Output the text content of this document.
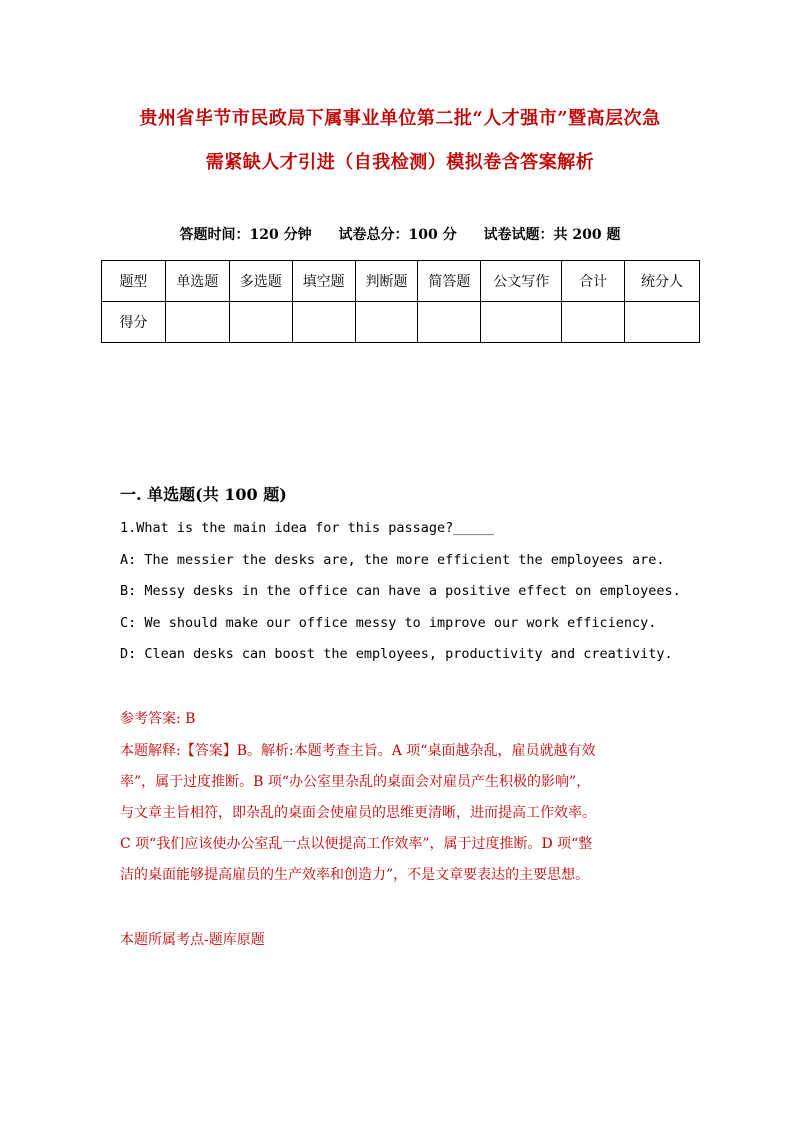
贵州省毕节市民政局下属事业单位第二批“人才强市”暨高层次急
需紧缺人才引进（自我检测）模拟卷含答案解析
答题时间：120 分钟 试卷总分：100 分 试卷试题：共 200 题
题型	单选题	多选题	填空题	判断题	简答题	公文写作	合计	统分人
得分								
一. 单选题(共 100 题)
1.What is the main idea for this passage?_____
A: The messier the desks are, the more efficient the employees are.
B: Messy desks in the office can have a positive effect on employees.
C: We should make our office messy to improve our work efficiency.
D: Clean desks can boost the employees, productivity and creativity.
参考答案: B
本题解释:【答案】B。解析:本题考查主旨。A 项“桌面越杂乱，雇员就越有效
率”，属于过度推断。B 项“办公室里杂乱的桌面会对雇员产生积极的影响”，
与文章主旨相符，即杂乱的桌面会使雇员的思维更清晰，进而提高工作效率。
C 项“我们应该使办公室乱一点以便提高工作效率”，属于过度推断。D 项“整
洁的桌面能够提高雇员的生产效率和创造力”，不是文章要表达的主要思想。
本题所属考点-题库原题
